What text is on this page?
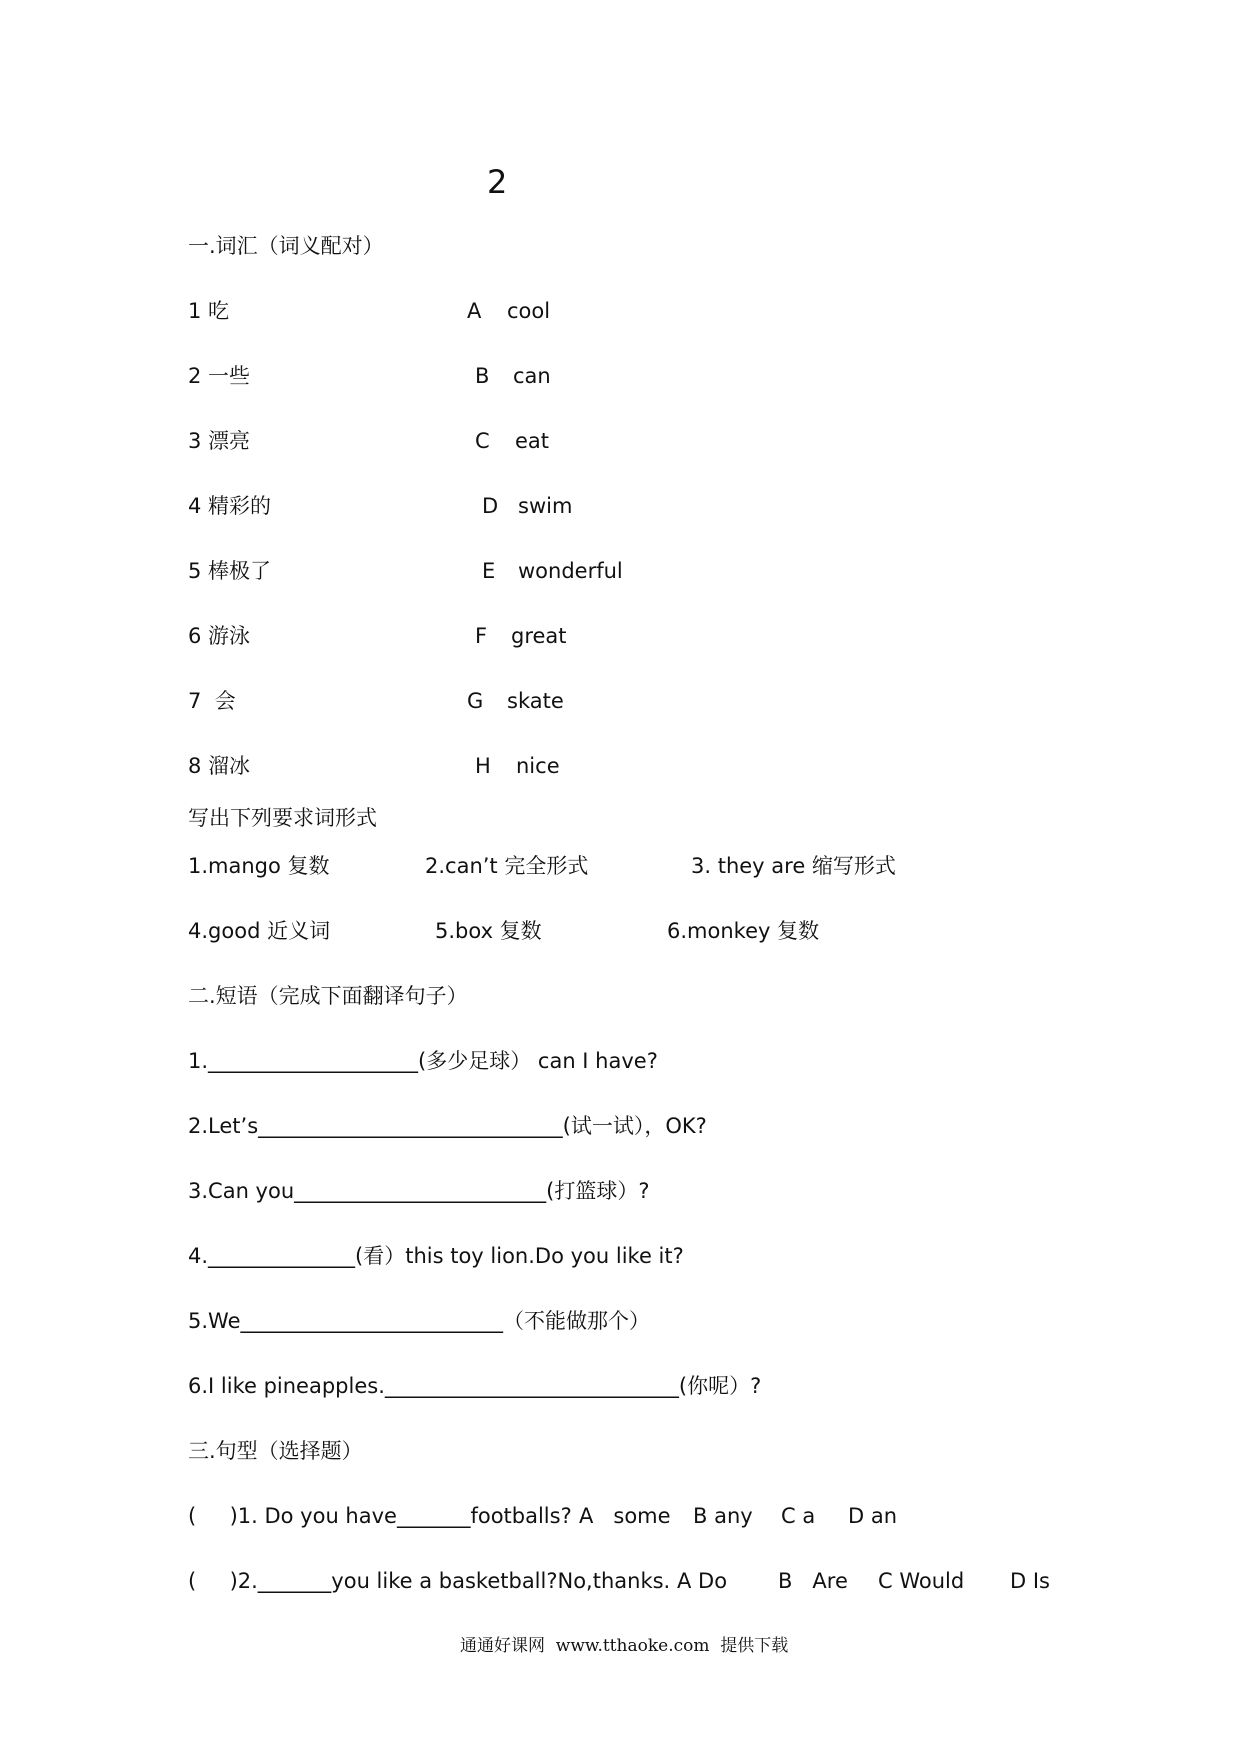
2
一.词汇（词义配对）
1 吃	A cool
2 一些	B can
3 漂亮	C eat
4 精彩的	D swim
5 棒极了	E wonderful
6 游泳	F great
7  会	G skate
8 溜冰	H nice
写出下列要求词形式
1.mango 复数	2.can’t 完全形式	3. they are 缩写形式
4.good 近义词	5.box 复数	6.monkey 复数
二.短语（完成下面翻译句子）
1.____________________(多少足球） can I have?
2.Let’s_____________________________(试一试），OK?
3.Can you________________________(打篮球）?
4.______________(看）this toy lion.Do you like it?
5.We_________________________（不能做那个）
6.I like pineapples.____________________________(你呢）?
三.句型（选择题）
(     )1. Do you have_______footballs? A   some B any C a D an
(     )2._______you like a basketball?No,thanks. A Do B   Are C Would D Is
通通好课网  www.tthaoke.com  提供下载
